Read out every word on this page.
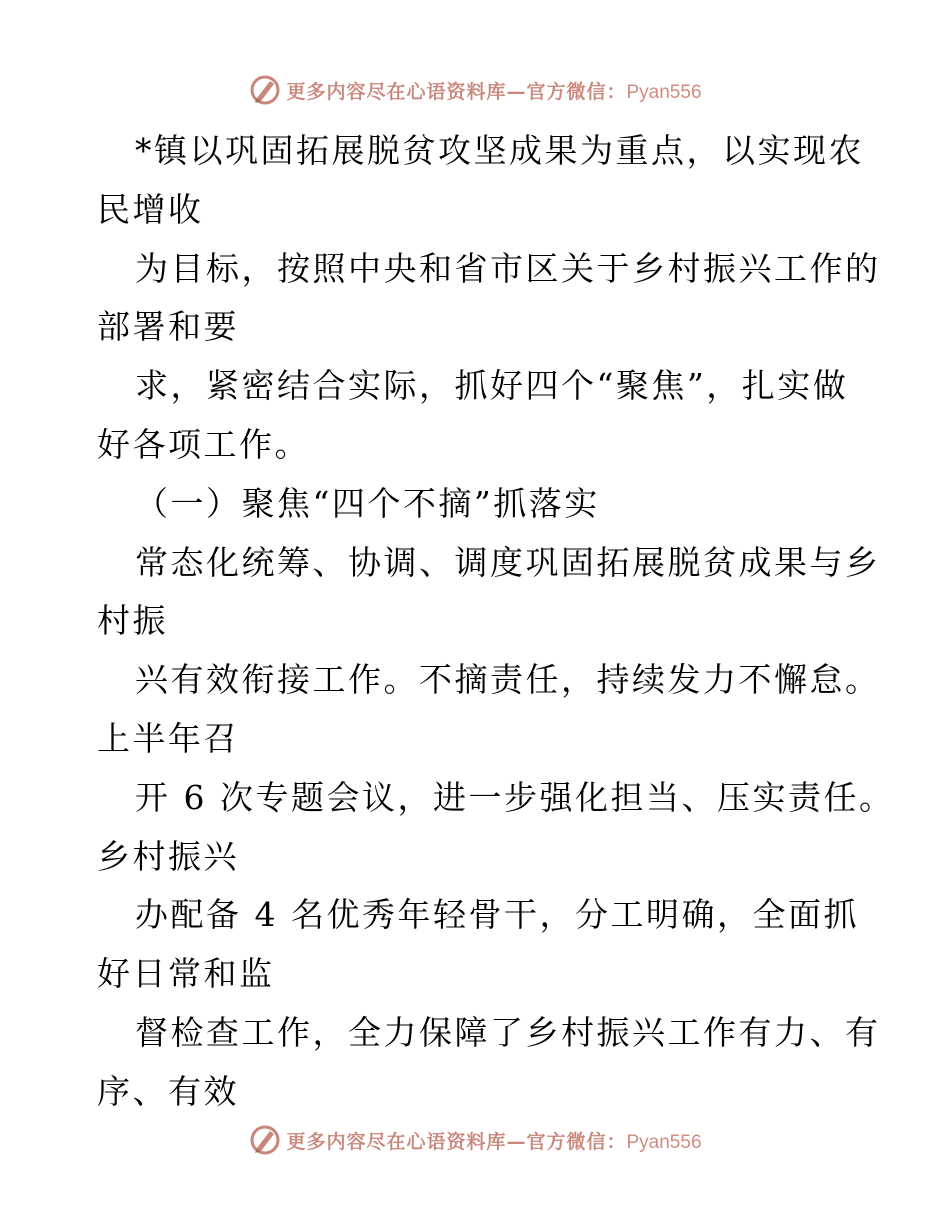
更多内容尽在心语资料库—官方微信：Pyan556
*镇以巩固拓展脱贫攻坚成果为重点，以实现农
民增收
为目标，按照中央和省市区关于乡村振兴工作的
部署和要
求，紧密结合实际，抓好四个“聚焦”，扎实做
好各项工作。
（一）聚焦“四个不摘”抓落实
常态化统筹、协调、调度巩固拓展脱贫成果与乡
村振
兴有效衔接工作。不摘责任，持续发力不懈怠。
上半年召
开 6 次专题会议，进一步强化担当、压实责任。
乡村振兴
办配备 4 名优秀年轻骨干，分工明确，全面抓
好日常和监
督检查工作，全力保障了乡村振兴工作有力、有
序、有效
更多内容尽在心语资料库—官方微信：Pyan556
